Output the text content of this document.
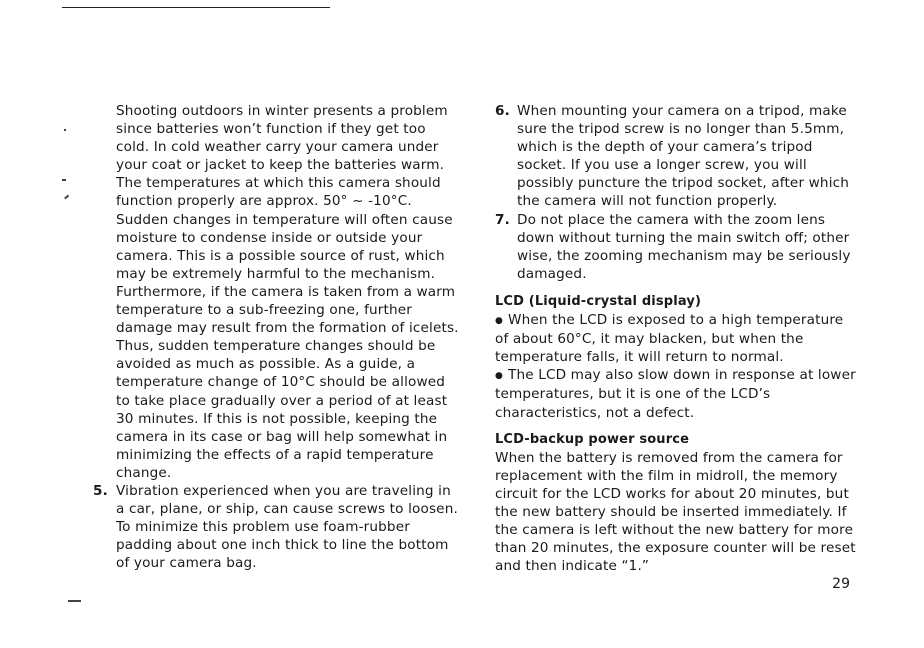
Shooting outdoors in winter presents a problem since batteries won’t function if they get too cold. In cold weather carry your camera under your coat or jacket to keep the batteries warm. The temperatures at which this camera should function properly are approx. 50° ~ -10°C. Sudden changes in temperature will often cause moisture to condense inside or outside your camera. This is a possible source of rust, which may be extremely harmful to the mechanism. Furthermore, if the camera is taken from a warm temperature to a sub-freezing one, further damage may result from the formation of icelets. Thus, sudden temperature changes should be avoided as much as possible. As a guide, a temperature change of 10°C should be allowed to take place gradually over a period of at least 30 minutes. If this is not possible, keeping the camera in its case or bag will help somewhat in minimizing the effects of a rapid temperature change.

5. Vibration experienced when you are traveling in a car, plane, or ship, can cause screws to loosen. To minimize this problem use foam-rubber padding about one inch thick to line the bottom of your camera bag.

6. When mounting your camera on a tripod, make sure the tripod screw is no longer than 5.5mm, which is the depth of your camera’s tripod socket. If you use a longer screw, you will possibly puncture the tripod socket, after which the camera will not function properly.

7. Do not place the camera with the zoom lens down without turning the main switch off; other wise, the zooming mechanism may be seriously damaged.

LCD (Liquid-crystal display)

● When the LCD is exposed to a high temperature of about 60°C, it may blacken, but when the temperature falls, it will return to normal.

● The LCD may also slow down in response at lower temperatures, but it is one of the LCD’s characteristics, not a defect.

LCD-backup power source

When the battery is removed from the camera for replacement with the film in midroll, the memory circuit for the LCD works for about 20 minutes, but the new battery should be inserted immediately. If the camera is left without the new battery for more than 20 minutes, the exposure counter will be reset and then indicate “1.”

29
